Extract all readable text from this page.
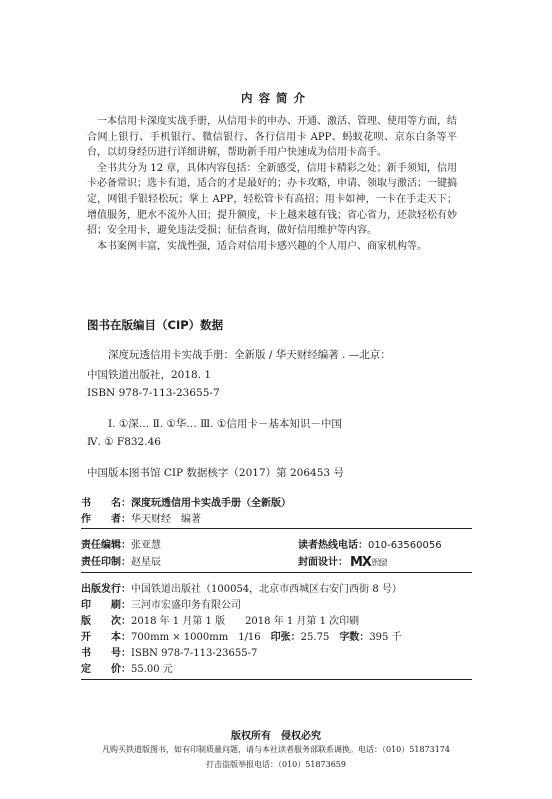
内容简介

一本信用卡深度实战手册，从信用卡的申办、开通、激活、管理、使用等方面，结合网上银行、手机银行、微信银行、各行信用卡 APP、蚂蚁花呗、京东白条等平台，以切身经历进行详细讲解，帮助新手用户快速成为信用卡高手。

全书共分为 12 章，具体内容包括：全新感受，信用卡精彩之处；新手须知，信用卡必备常识；选卡有道，适合的才是最好的；办卡攻略，申请、领取与激活；一键搞定，网银手银轻松玩；掌上 APP，轻松管卡有高招；用卡如神，一卡在手走天下；增值服务，肥水不流外人田；提升额度，卡上越来越有钱；省心省力，还款轻松有妙招；安全用卡，避免违法受损；征信查询，做好信用维护等内容。

本书案例丰富，实战性强，适合对信用卡感兴趣的个人用户、商家机构等。

图书在版编目（CIP）数据
深度玩透信用卡实战手册：全新版 / 华天财经编著 . —北京：
中国铁道出版社，2018. 1
ISBN 978-7-113-23655-7
Ⅰ. ①深… Ⅱ. ①华… Ⅲ. ①信用卡－基本知识－中国
Ⅳ. ① F832.46
中国版本图书馆 CIP 数据核字（2017）第 206453 号
书　　名：深度玩透信用卡实战手册（全新版）
作　　者：华天财经　编著
责任编辑：张亚慧	读者热线电话：010-63560056
责任印制：赵星辰	封面设计： MXDESIGN
STUDIO
出版发行：中国铁道出版社（100054，北京市西城区右安门西街 8 号）
印　　刷：三河市宏盛印务有限公司
版　　次：2018 年 1 月第 1 版　　2018 年 1 月第 1 次印刷
开　　本：700mm × 1000mm　1/16　印张：25.75　字数：395 千
书　　号：ISBN 978-7-113-23655-7
定　　价：55.00 元
版权所有　侵权必究
凡购买铁道版图书，如有印制质量问题，请与本社读者服务部联系调换。电话：（010）51873174
打击盗版举报电话：（010）51873659
